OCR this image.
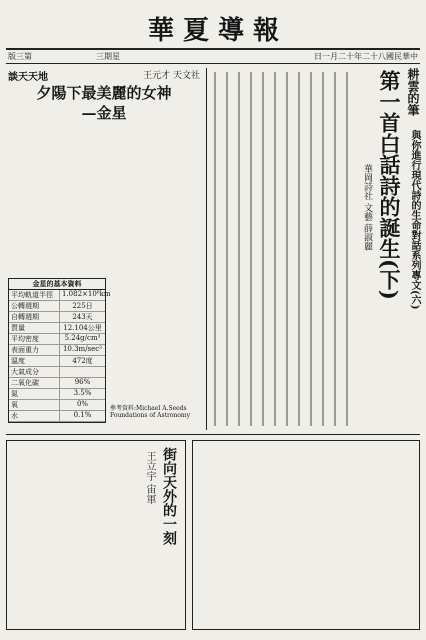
華夏導報
版三第	三期星	日一月二十年二十八國民華中
耕雲的筆
與你進行現代詩的生命對話系列專文(六)
第一首白話詩的誕生(下)
華岡詩社 文藝 薛淑麗
談天天地	王元才 天文社
夕陽下最美麗的女神
—金星
金星的基本資料
平均軌道半徑	1.082×10⁸km
公轉週期	225日
自轉週期	243天
質量	12.104公里
平均密度	5.24g/cm³
表面重力	10.3m/sec²
溫度	472度
大氣成分
二氧化碳	96%
氮	3.5%
氧	0%
水	0.1%
參考資料:Michael A.Seeds Foundations of Astronomy
街向天外的一刻
王立宇 宙軍
